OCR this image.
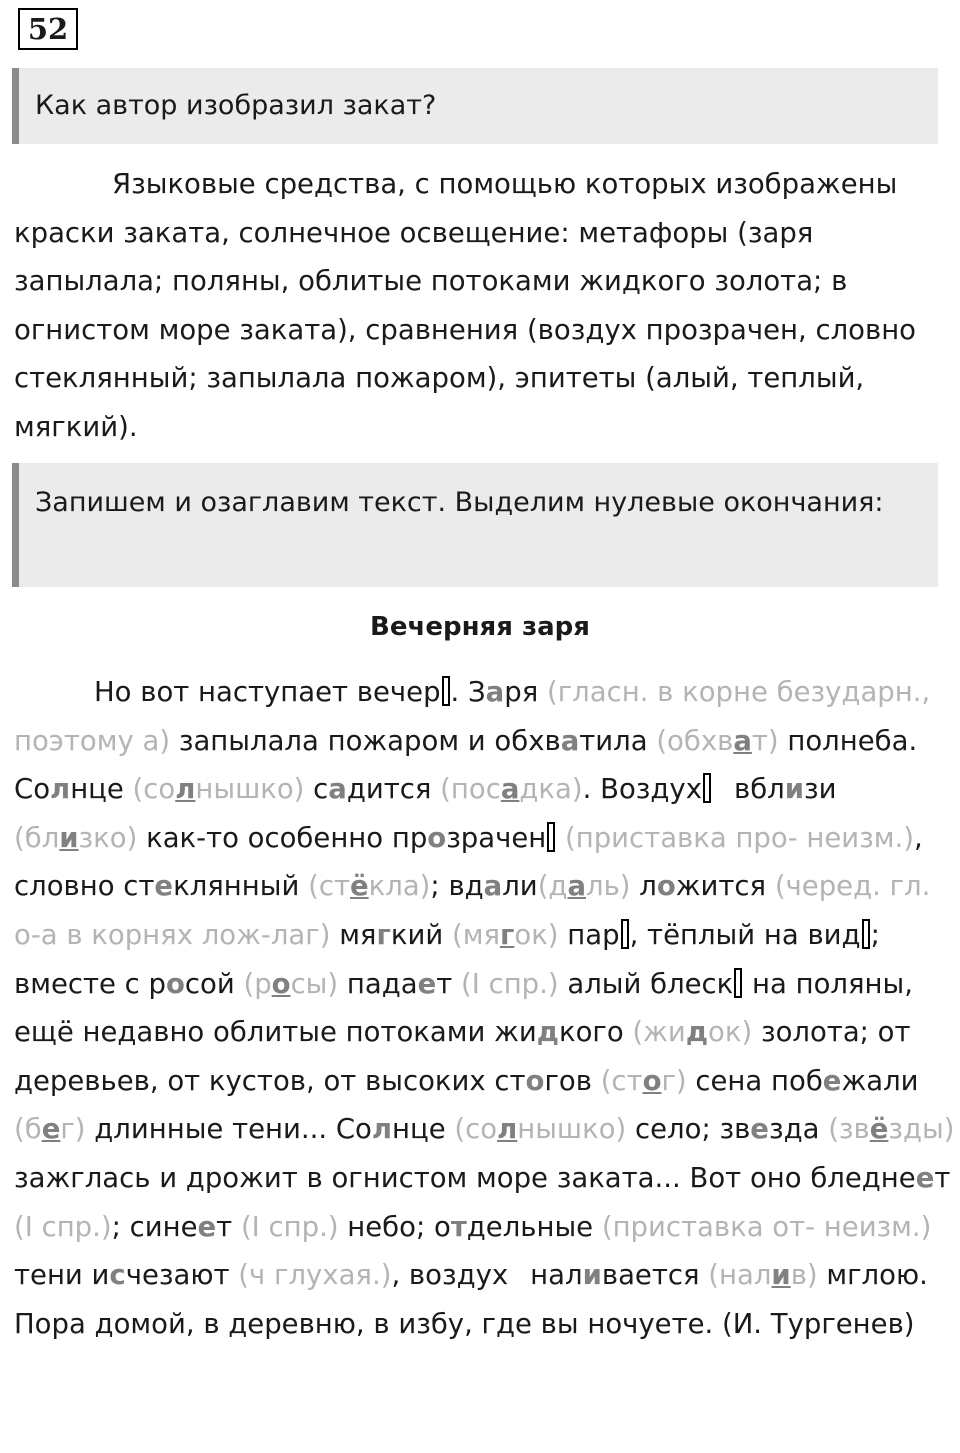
52
Как автор изобразил закат?

Языковые средства, с помощью которых изображены краски заката, солнечное освещение: метафоры (заря запылала; поляны, облитые потоками жидкого золота; в огнистом море заката), сравнения (воздух прозрачен, словно стеклянный; запылала пожаром), эпитеты (алый, теплый, мягкий).

Запишем и озаглавим текст. Выделим нулевые окончания:
Вечерняя заря

Но вот наступает вечер . Заря (гласн. в корне безударн., поэтому а) запылала пожаром и обхватила (обхват) полнеба. Солнце (солнышко) садится (посадка). Воздух вблизи (близко) как-то особенно прозрачен (приставка про- неизм.), словно стеклянный (стёкла); вдали(даль) ложится (черед. гл. о-а в корнях лож-лаг) мягкий (мягок) пар , тёплый на вид ; вместе с росой (росы) падает (I спр.) алый блеск на поляны, ещё недавно облитые потоками жидкого (жидок) золота; от деревьев, от кустов, от высоких стогов (стог) сена побежали (бег) длинные тени... Солнце (солнышко) село; звезда (звёзды) зажглась и дрожит в огнистом море заката... Вот оно бледнеет (I спр.); синеет (I спр.) небо; отдельные (приставка от- неизм.) тени исчезают (ч глухая.), воздух наливается (налив) мглою. Пора домой, в деревню, в избу, где вы ночуете. (И. Тургенев)
